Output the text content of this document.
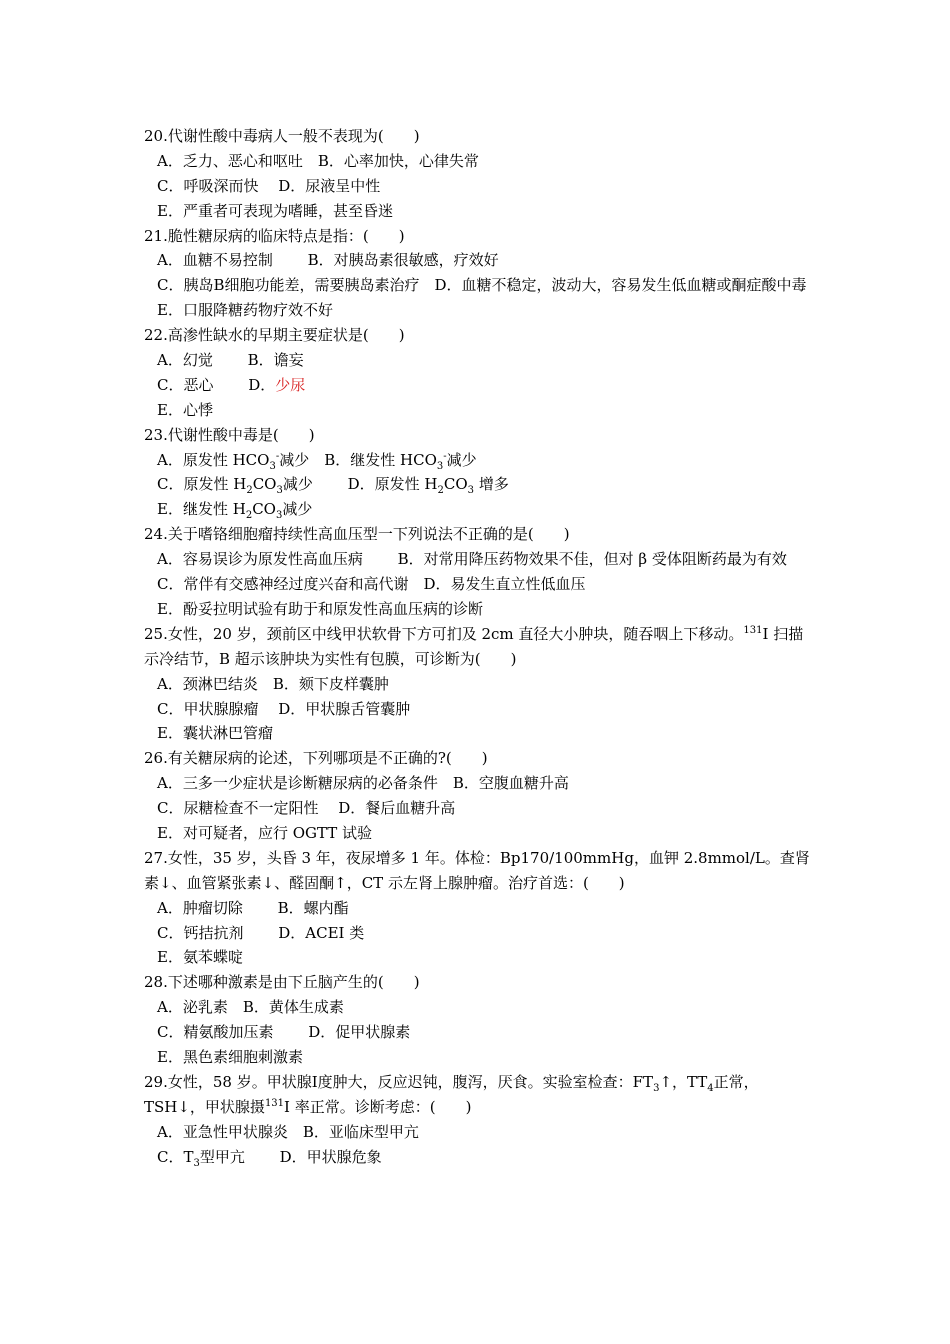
20.代谢性酸中毒病人一般不表现为(　　)
A．乏力、恶心和呕吐　B．心率加快，心律失常
C．呼吸深而快　 D．尿液呈中性
E．严重者可表现为嗜睡，甚至昏迷
21.脆性糖尿病的临床特点是指：(　　)
A．血糖不易控制　　 B．对胰岛素很敏感，疗效好
C．胰岛B细胞功能差，需要胰岛素治疗　D．血糖不稳定，波动大，容易发生低血糖或酮症酸中毒
E．口服降糖药物疗效不好
22.高渗性缺水的早期主要症状是(　　)
A．幻觉　　 B．谵妄
C．恶心　　 D．少尿
E．心悸
23.代谢性酸中毒是(　　)
A．原发性 $HCO_3^-$减少　B．继发性 $HCO_3^-$减少
C．原发性 $H_2CO_3$减少　　 D．原发性 $H_2CO_3$ 增多
E．继发性 $H_2CO_3$减少
24.关于嗜铬细胞瘤持续性高血压型一下列说法不正确的是(　　)
A．容易误诊为原发性高血压病　　 B．对常用降压药物效果不佳，但对 β 受体阻断药最为有效
C．常伴有交感神经过度兴奋和高代谢　D．易发生直立性低血压
E．酚妥拉明试验有助于和原发性高血压病的诊断
25.女性，20 岁，颈前区中线甲状软骨下方可扪及 2cm 直径大小肿块，随吞咽上下移动。$^{131}$I 扫描示冷结节，B 超示该肿块为实性有包膜，可诊断为(　　)
A．颈淋巴结炎　B．颏下皮样囊肿
C．甲状腺腺瘤　 D．甲状腺舌管囊肿
E．囊状淋巴管瘤
26.有关糖尿病的论述，下列哪项是不正确的?(　　)
A．三多一少症状是诊断糖尿病的必备条件　B．空腹血糖升高
C．尿糖检查不一定阳性　 D．餐后血糖升高
E．对可疑者，应行 OGTT 试验
27.女性，35 岁，头昏 3 年，夜尿增多 1 年。体检：Bp170/100mmHg，血钾 2.8mmol/L。查肾素↓、血管紧张素↓、醛固酮↑，CT 示左肾上腺肿瘤。治疗首选：(　　)
A．肿瘤切除　　 B．螺内酯
C．钙拮抗剂　　 D．ACEI 类
E．氨苯蝶啶
28.下述哪种激素是由下丘脑产生的(　　)
A．泌乳素　B．黄体生成素
C．精氨酸加压素　　 D．促甲状腺素
E．黑色素细胞刺激素
29.女性，58 岁。甲状腺Ⅰ度肿大，反应迟钝，腹泻，厌食。实验室检查：$FT_3↑$，$TT_4$正常，TSH↓，甲状腺摄$^{131}$I 率正常。诊断考虑：(　　)
A．亚急性甲状腺炎　B．亚临床型甲亢
C．$T_3$型甲亢　　 D．甲状腺危象
